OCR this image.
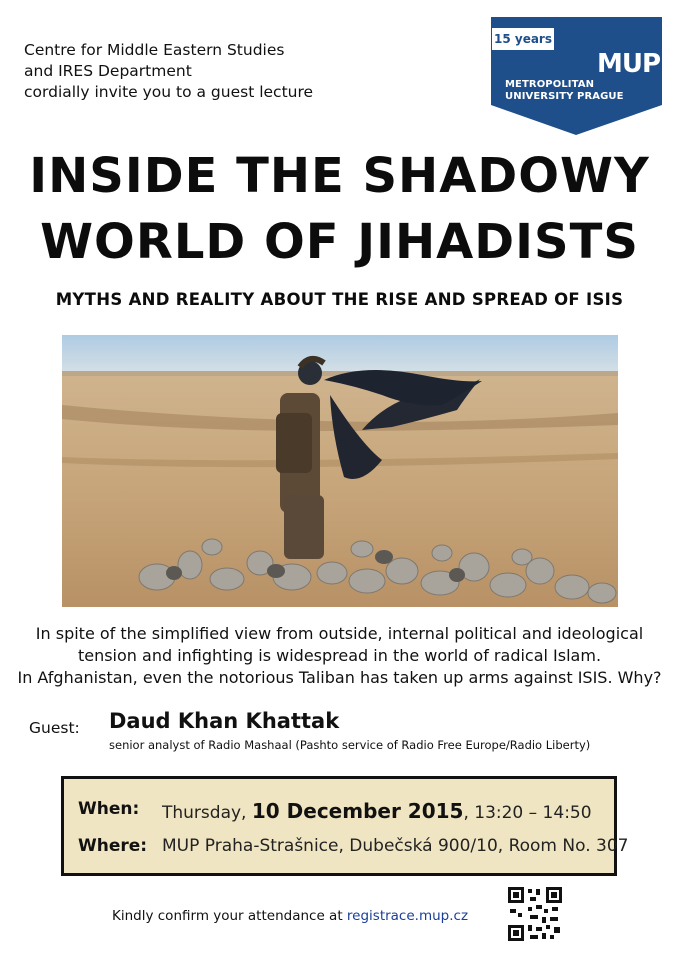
Centre for Middle Eastern Studies
and IRES Department
cordially invite you to a guest lecture
15 years
MUP
METROPOLITAN
UNIVERSITY PRAGUE
INSIDE THE SHADOWY
WORLD OF JIHADISTS
MYTHS AND REALITY ABOUT THE RISE AND SPREAD OF ISIS
In spite of the simplified view from outside, internal political and ideological
tension and infighting is widespread in the world of radical Islam.
In Afghanistan, even the notorious Taliban has taken up arms against ISIS. Why?
Guest: Daud Khan Khattak
senior analyst of Radio Mashaal (Pashto service of Radio Free Europe/Radio Liberty)
When: Thursday, 10 December 2015, 13:20 – 14:50
Where: MUP Praha-Strašnice, Dubečská 900/10, Room No. 307
Kindly confirm your attendance at registrace.mup.cz
